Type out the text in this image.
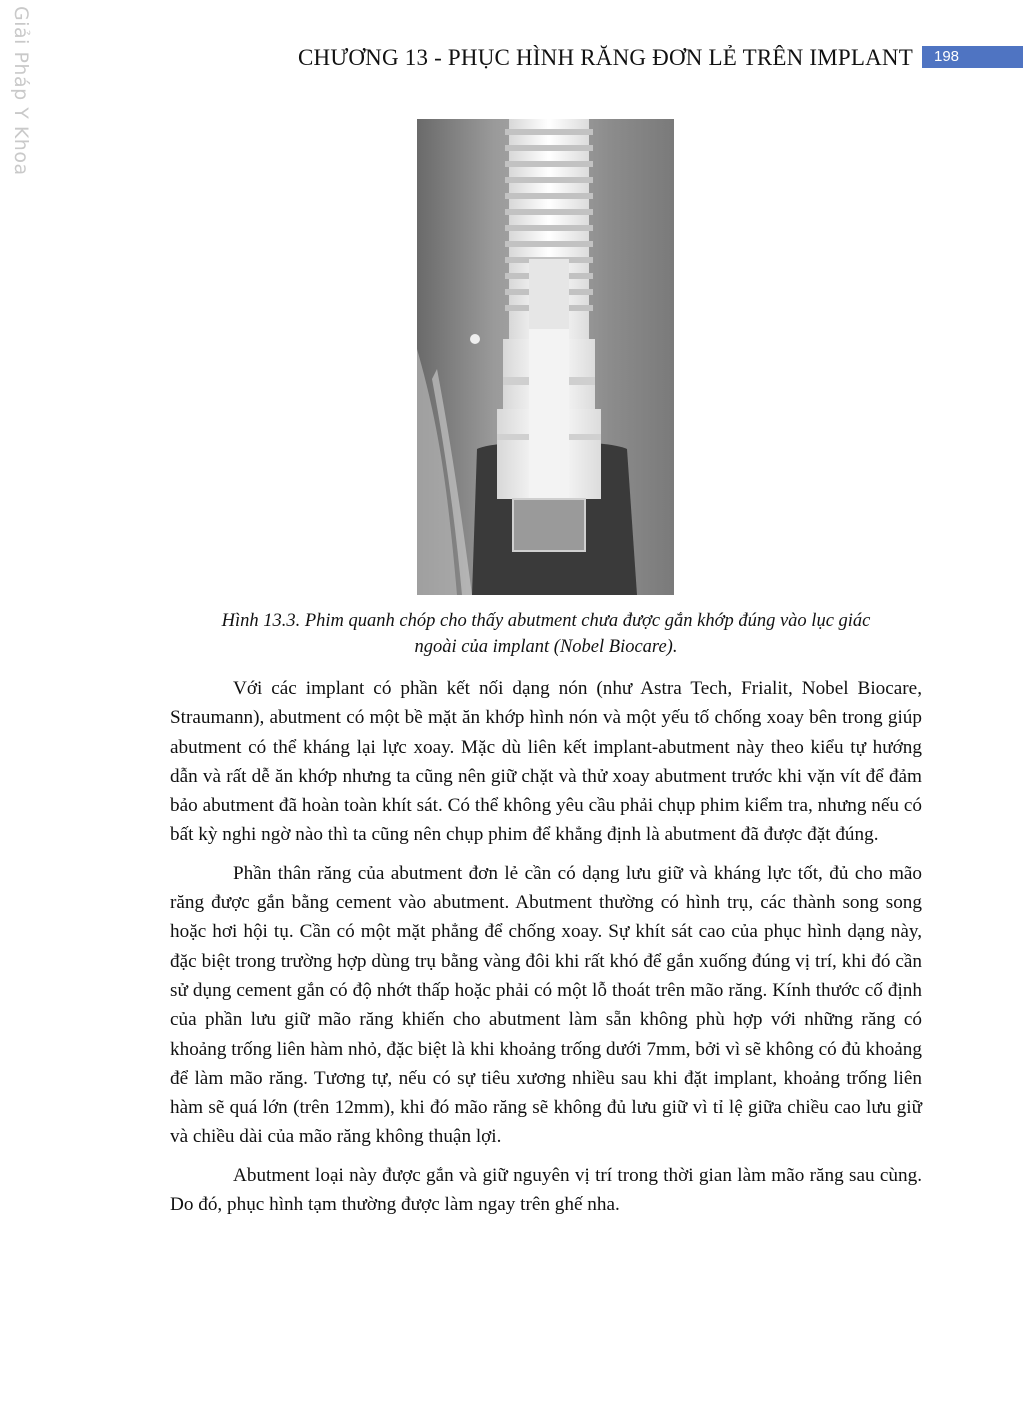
Giải Pháp Y Khoa	CHƯƠNG 13 - PHỤC HÌNH RĂNG ĐƠN LẺ TRÊN IMPLANT	198
Hình 13.3. Phim quanh chóp cho thấy abutment chưa được gắn khớp đúng vào lục giác
ngoài của implant (Nobel Biocare).

Với các implant có phần kết nối dạng nón (như Astra Tech, Frialit, Nobel Biocare, Straumann), abutment có một bề mặt ăn khớp hình nón và một yếu tố chống xoay bên trong giúp abutment có thể kháng lại lực xoay. Mặc dù liên kết implant-abutment này theo kiểu tự hướng dẫn và rất dễ ăn khớp nhưng ta cũng nên giữ chặt và thử xoay abutment trước khi vặn vít để đảm bảo abutment đã hoàn toàn khít sát. Có thể không yêu cầu phải chụp phim kiểm tra, nhưng nếu có bất kỳ nghi ngờ nào thì ta cũng nên chụp phim để khẳng định là abutment đã được đặt đúng.

Phần thân răng của abutment đơn lẻ cần có dạng lưu giữ và kháng lực tốt, đủ cho mão răng được gắn bằng cement vào abutment. Abutment thường có hình trụ, các thành song song hoặc hơi hội tụ. Cần có một mặt phẳng để chống xoay. Sự khít sát cao của phục hình dạng này, đặc biệt trong trường hợp dùng trụ bằng vàng đôi khi rất khó để gắn xuống đúng vị trí, khi đó cần sử dụng cement gắn có độ nhớt thấp hoặc phải có một lỗ thoát trên mão răng. Kính thước cố định của phần lưu giữ mão răng khiến cho abutment làm sẵn không phù hợp với những răng có khoảng trống liên hàm nhỏ, đặc biệt là khi khoảng trống dưới 7mm, bởi vì sẽ không có đủ khoảng để làm mão răng. Tương tự, nếu có sự tiêu xương nhiều sau khi đặt implant, khoảng trống liên hàm sẽ quá lớn (trên 12mm), khi đó mão răng sẽ không đủ lưu giữ vì tỉ lệ giữa chiều cao lưu giữ và chiều dài của mão răng không thuận lợi.

Abutment loại này được gắn và giữ nguyên vị trí trong thời gian làm mão răng sau cùng. Do đó, phục hình tạm thường được làm ngay trên ghế nha.
